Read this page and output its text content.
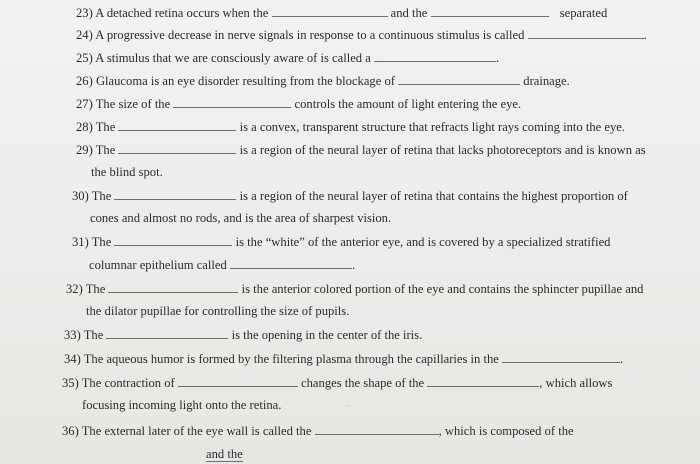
23) A detached retina occurs when the	and the	separated
24) A progressive decrease in nerve signals in response to a continuous stimulus is called	.
25) A stimulus that we are consciously aware of is called a	.
26) Glaucoma is an eye disorder resulting from the blockage of	drainage.
27) The size of the	controls the amount of light entering the eye.
28) The	is a convex, transparent structure that refracts light rays coming into the eye.
29) The	is a region of the neural layer of retina that lacks photoreceptors and is known as
the blind spot.
30) The	is a region of the neural layer of retina that contains the highest proportion of
cones and almost no rods, and is the area of sharpest vision.
31) The	is the “white” of the anterior eye, and is covered by a specialized stratified
columnar epithelium called	.
32) The	is the anterior colored portion of the eye and contains the sphincter pupillae and
the dilator pupillae for controlling the size of pupils.
33) The	is the opening in the center of the iris.
34) The aqueous humor is formed by the filtering plasma through the capillaries in the	.
35) The contraction of	changes the shape of the	, which allows
focusing incoming light onto the retina.
36) The external later of the eye wall is called the	, which is composed of the
and the
··
